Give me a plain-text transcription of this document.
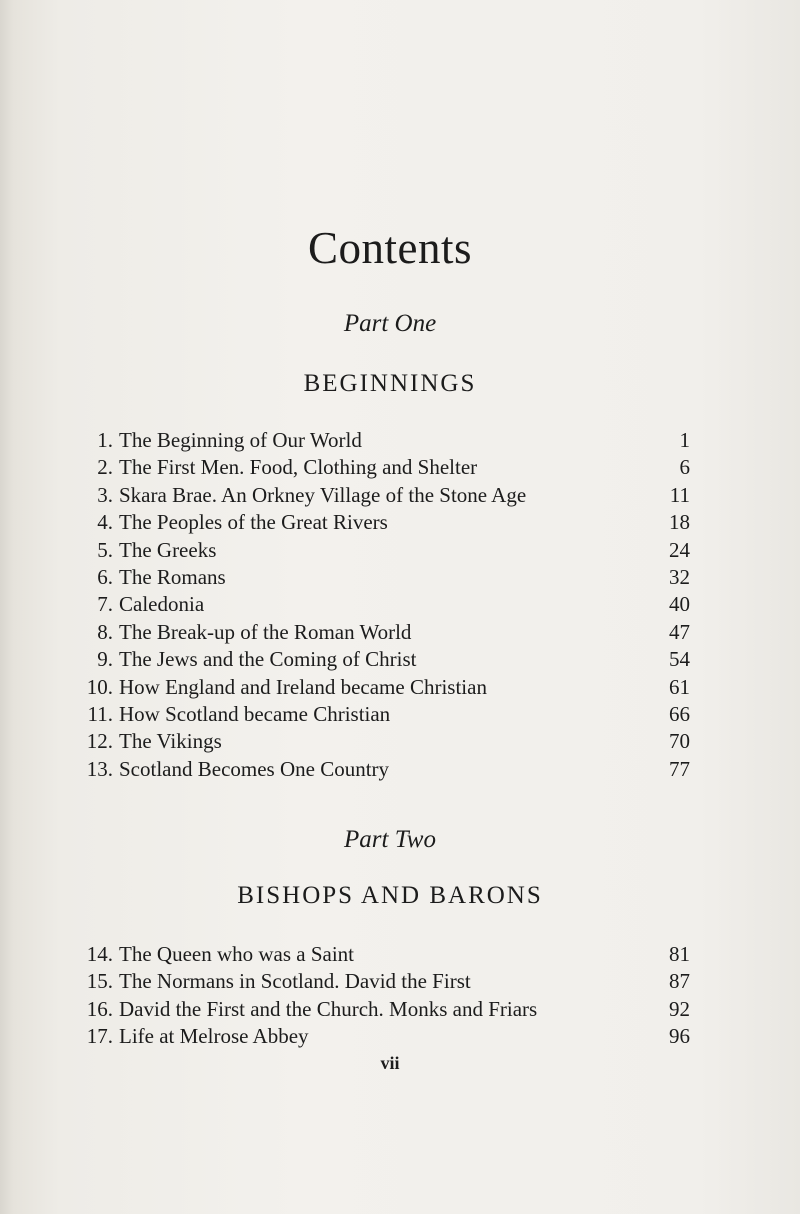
Contents
Part One
BEGINNINGS
1. The Beginning of Our World	1
2. The First Men. Food, Clothing and Shelter	6
3. Skara Brae. An Orkney Village of the Stone Age	11
4. The Peoples of the Great Rivers	18
5. The Greeks	24
6. The Romans	32
7. Caledonia	40
8. The Break-up of the Roman World	47
9. The Jews and the Coming of Christ	54
10. How England and Ireland became Christian	61
11. How Scotland became Christian	66
12. The Vikings	70
13. Scotland Becomes One Country	77
Part Two
BISHOPS AND BARONS
14. The Queen who was a Saint	81
15. The Normans in Scotland. David the First	87
16. David the First and the Church. Monks and Friars	92
17. Life at Melrose Abbey	96
vii
